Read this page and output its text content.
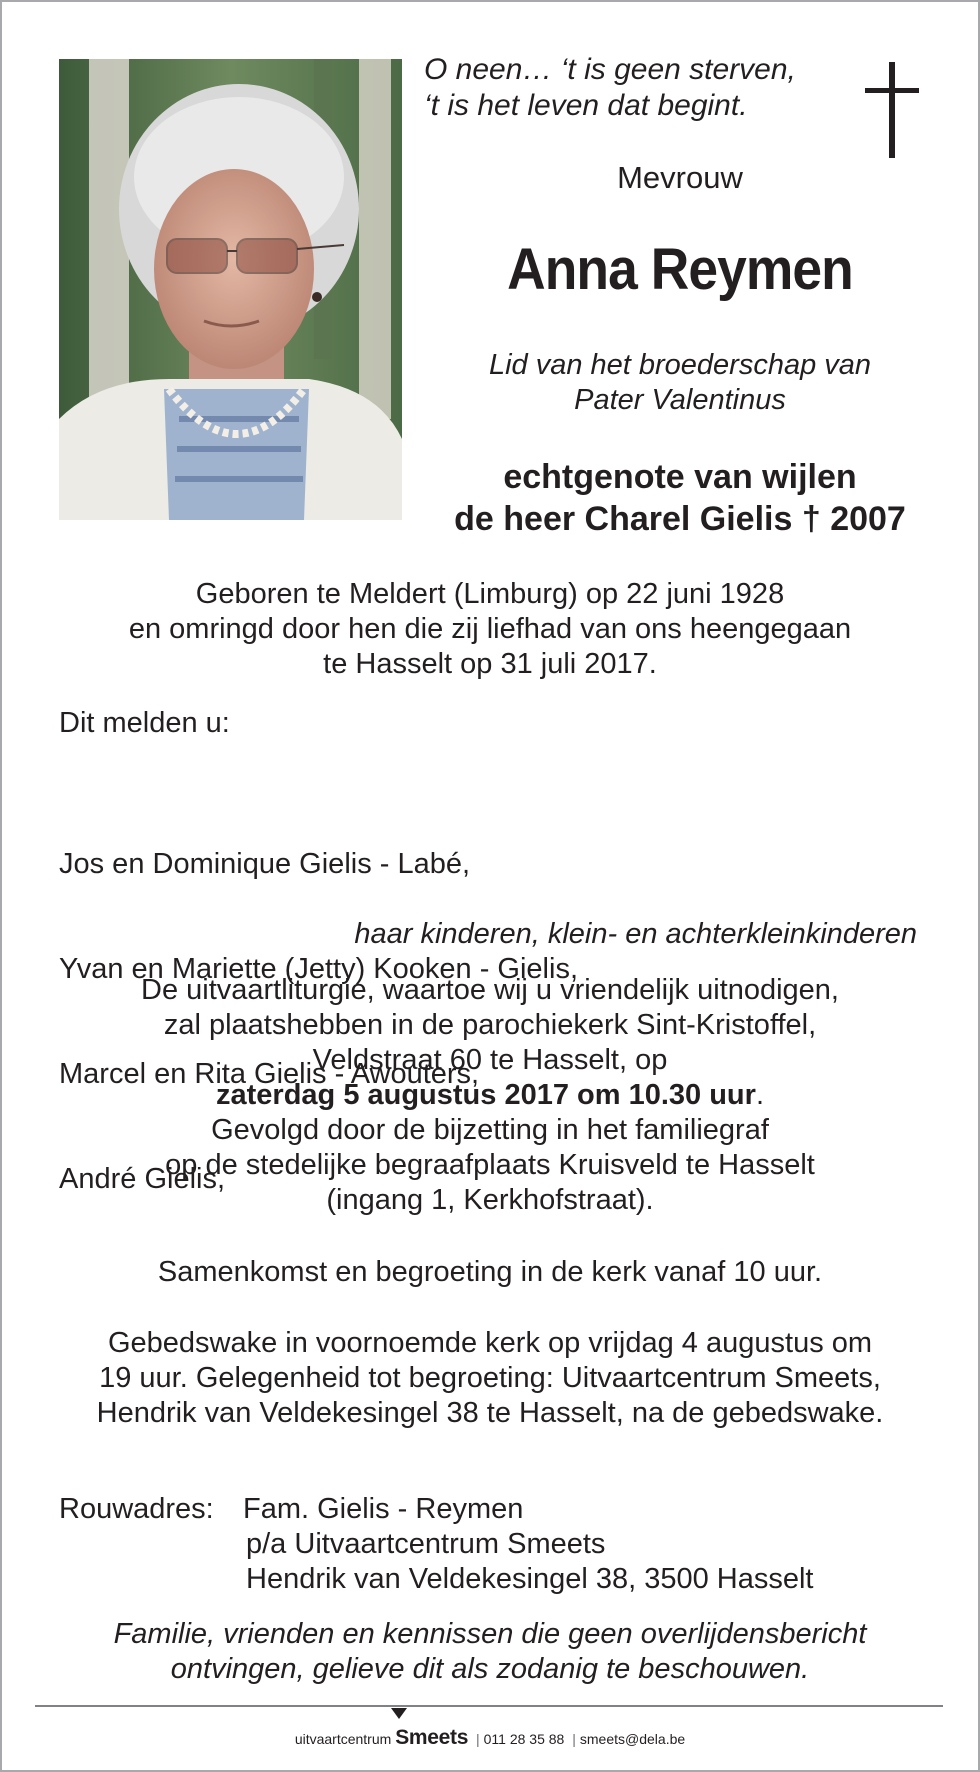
O neen… ‘t is geen sterven,
‘t is het leven dat begint.
Mevrouw
Anna Reymen
Lid van het broederschap van
Pater Valentinus
echtgenote van wijlen
de heer Charel Gielis † 2007
Geboren te Meldert (Limburg) op 22 juni 1928
en omringd door hen die zij liefhad van ons heengegaan
te Hasselt op 31 juli 2017.
Dit melden u:

Jos en Dominique Gielis - Labé,

Yvan en Mariette (Jetty) Kooken - Gielis,

Marcel en Rita Gielis - Awouters,

André Gielis,

haar kinderen, klein- en achterkleinkinderen
De uitvaartliturgie, waartoe wij u vriendelijk uitnodigen,
zal plaatshebben in de parochiekerk Sint-Kristoffel,
Veldstraat 60 te Hasselt, op
zaterdag 5 augustus 2017 om 10.30 uur.
Gevolgd door de bijzetting in het familiegraf
op de stedelijke begraafplaats Kruisveld te Hasselt
(ingang 1, Kerkhofstraat).
Samenkomst en begroeting in de kerk vanaf 10 uur.
Gebedswake in voornoemde kerk op vrijdag 4 augustus om
19 uur. Gelegenheid tot begroeting: Uitvaartcentrum Smeets,
Hendrik van Veldekesingel 38 te Hasselt, na de gebedswake.
Rouwadres: Fam. Gielis - Reymen
p/a Uitvaartcentrum Smeets
Hendrik van Veldekesingel 38, 3500 Hasselt
Familie, vrienden en kennissen die geen overlijdensbericht
ontvingen, gelieve dit als zodanig te beschouwen.
uitvaartcentrum Smeets | 011 28 35 88 | smeets@dela.be
